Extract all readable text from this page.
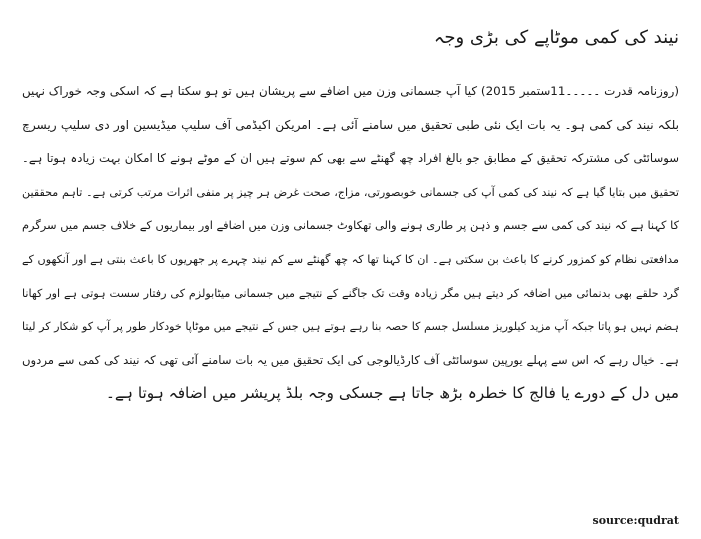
نیند کی کمی موٹاپے کی بڑی وجہ
(روزنامہ قدرت ۔۔۔۔۔11ستمبر 2015) کیا آپ جسمانی وزن میں اضافے سے پریشان ہیں تو ہو سکتا ہے کہ اسکی وجہ خوراک نہیں
بلکہ نیند کی کمی ہو۔ یہ بات ایک نئی طبی تحقیق میں سامنے آئی ہے۔ امریکن اکیڈمی آف سلیپ میڈیسین اور دی سلیپ ریسرچ
سوسائٹی کی مشترکہ تحقیق کے مطابق جو بالغ افراد چھ گھنٹے سے بھی کم سوتے ہیں ان کے موٹے ہونے کا امکان بہت زیادہ ہوتا ہے۔
تحقیق میں بتایا گیا ہے کہ نیند کی کمی آپ کی جسمانی خوبصورتی، مزاج، صحت غرض ہر چیز پر منفی اثرات مرتب کرتی ہے۔ تاہم محققین
کا کہنا ہے کہ نیند کی کمی سے جسم و ذہن پر طاری ہونے والی تھکاوٹ جسمانی وزن میں اضافے اور بیماریوں کے خلاف جسم میں سرگرم
مدافعتی نظام کو کمزور کرنے کا باعث بن سکتی ہے۔ ان کا کہنا تھا کہ چھ گھنٹے سے کم نیند چہرے پر جھریوں کا باعث بنتی ہے اور آنکھوں کے
گرد حلقے بھی بدنمائی میں اضافہ کر دیتے ہیں مگر زیادہ وقت تک جاگنے کے نتیجے میں جسمانی میٹابولزم کی رفتار سست ہوتی ہے اور کھانا
ہضم نہیں ہو پاتا جبکہ آپ مزید کیلوریز مسلسل جسم کا حصہ بنا رہے ہوتے ہیں جس کے نتیجے میں موٹاپا خودکار طور پر آپ کو شکار کر لیتا
ہے۔ خیال رہے کہ اس سے پہلے یورپین سوسائٹی آف کارڈیالوجی کی ایک تحقیق میں یہ بات سامنے آئی تھی کہ نیند کی کمی سے مردوں
میں دل کے دورے یا فالج کا خطرہ بڑھ جاتا ہے جسکی وجہ بلڈ پریشر میں اضافہ ہوتا ہے۔
source:qudrat
